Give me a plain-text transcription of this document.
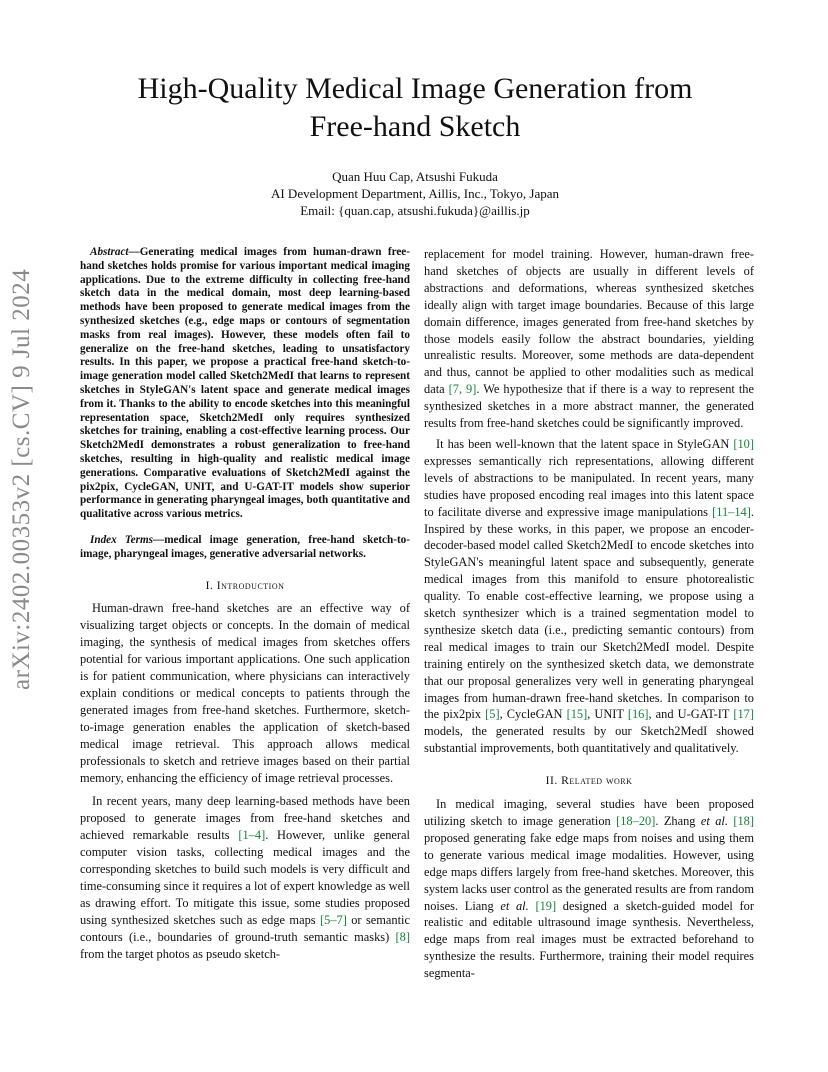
arXiv:2402.00353v2 [cs.CV] 9 Jul 2024
High-Quality Medical Image Generation from
Free-hand Sketch
Quan Huu Cap, Atsushi Fukuda
AI Development Department, Aillis, Inc., Tokyo, Japan
Email: {quan.cap, atsushi.fukuda}@aillis.jp

Abstract—Generating medical images from human-drawn free-hand sketches holds promise for various important medical imaging applications. Due to the extreme difficulty in collecting free-hand sketch data in the medical domain, most deep learning-based methods have been proposed to generate medical images from the synthesized sketches (e.g., edge maps or contours of segmentation masks from real images). However, these models often fail to generalize on the free-hand sketches, leading to unsatisfactory results. In this paper, we propose a practical free-hand sketch-to-image generation model called Sketch2MedI that learns to represent sketches in StyleGAN's latent space and generate medical images from it. Thanks to the ability to encode sketches into this meaningful representation space, Sketch2MedI only requires synthesized sketches for training, enabling a cost-effective learning process. Our Sketch2MedI demonstrates a robust generalization to free-hand sketches, resulting in high-quality and realistic medical image generations. Comparative evaluations of Sketch2MedI against the pix2pix, CycleGAN, UNIT, and U-GAT-IT models show superior performance in generating pharyngeal images, both quantitative and qualitative across various metrics.

Index Terms—medical image generation, free-hand sketch-to-image, pharyngeal images, generative adversarial networks.

I. Introduction

Human-drawn free-hand sketches are an effective way of visualizing target objects or concepts. In the domain of medical imaging, the synthesis of medical images from sketches offers potential for various important applications. One such application is for patient communication, where physicians can interactively explain conditions or medical concepts to patients through the generated images from free-hand sketches. Furthermore, sketch-to-image generation enables the application of sketch-based medical image retrieval. This approach allows medical professionals to sketch and retrieve images based on their partial memory, enhancing the efficiency of image retrieval processes.

In recent years, many deep learning-based methods have been proposed to generate images from free-hand sketches and achieved remarkable results [1–4]. However, unlike general computer vision tasks, collecting medical images and the corresponding sketches to build such models is very difficult and time-consuming since it requires a lot of expert knowledge as well as drawing effort. To mitigate this issue, some studies proposed using synthesized sketches such as edge maps [5–7] or semantic contours (i.e., boundaries of ground-truth semantic masks) [8] from the target photos as pseudo sketch-

replacement for model training. However, human-drawn free-hand sketches of objects are usually in different levels of abstractions and deformations, whereas synthesized sketches ideally align with target image boundaries. Because of this large domain difference, images generated from free-hand sketches by those models easily follow the abstract boundaries, yielding unrealistic results. Moreover, some methods are data-dependent and thus, cannot be applied to other modalities such as medical data [7, 9]. We hypothesize that if there is a way to represent the synthesized sketches in a more abstract manner, the generated results from free-hand sketches could be significantly improved.

It has been well-known that the latent space in StyleGAN [10] expresses semantically rich representations, allowing different levels of abstractions to be manipulated. In recent years, many studies have proposed encoding real images into this latent space to facilitate diverse and expressive image manipulations [11–14]. Inspired by these works, in this paper, we propose an encoder-decoder-based model called Sketch2MedI to encode sketches into StyleGAN's meaningful latent space and subsequently, generate medical images from this manifold to ensure photorealistic quality. To enable cost-effective learning, we propose using a sketch synthesizer which is a trained segmentation model to synthesize sketch data (i.e., predicting semantic contours) from real medical images to train our Sketch2MedI model. Despite training entirely on the synthesized sketch data, we demonstrate that our proposal generalizes very well in generating pharyngeal images from human-drawn free-hand sketches. In comparison to the pix2pix [5], CycleGAN [15], UNIT [16], and U-GAT-IT [17] models, the generated results by our Sketch2MedI showed substantial improvements, both quantitatively and qualitatively.

II. Related work

In medical imaging, several studies have been proposed utilizing sketch to image generation [18–20]. Zhang et al. [18] proposed generating fake edge maps from noises and using them to generate various medical image modalities. However, using edge maps differs largely from free-hand sketches. Moreover, this system lacks user control as the generated results are from random noises. Liang et al. [19] designed a sketch-guided model for realistic and editable ultrasound image synthesis. Nevertheless, edge maps from real images must be extracted beforehand to synthesize the results. Furthermore, training their model requires segmenta-
